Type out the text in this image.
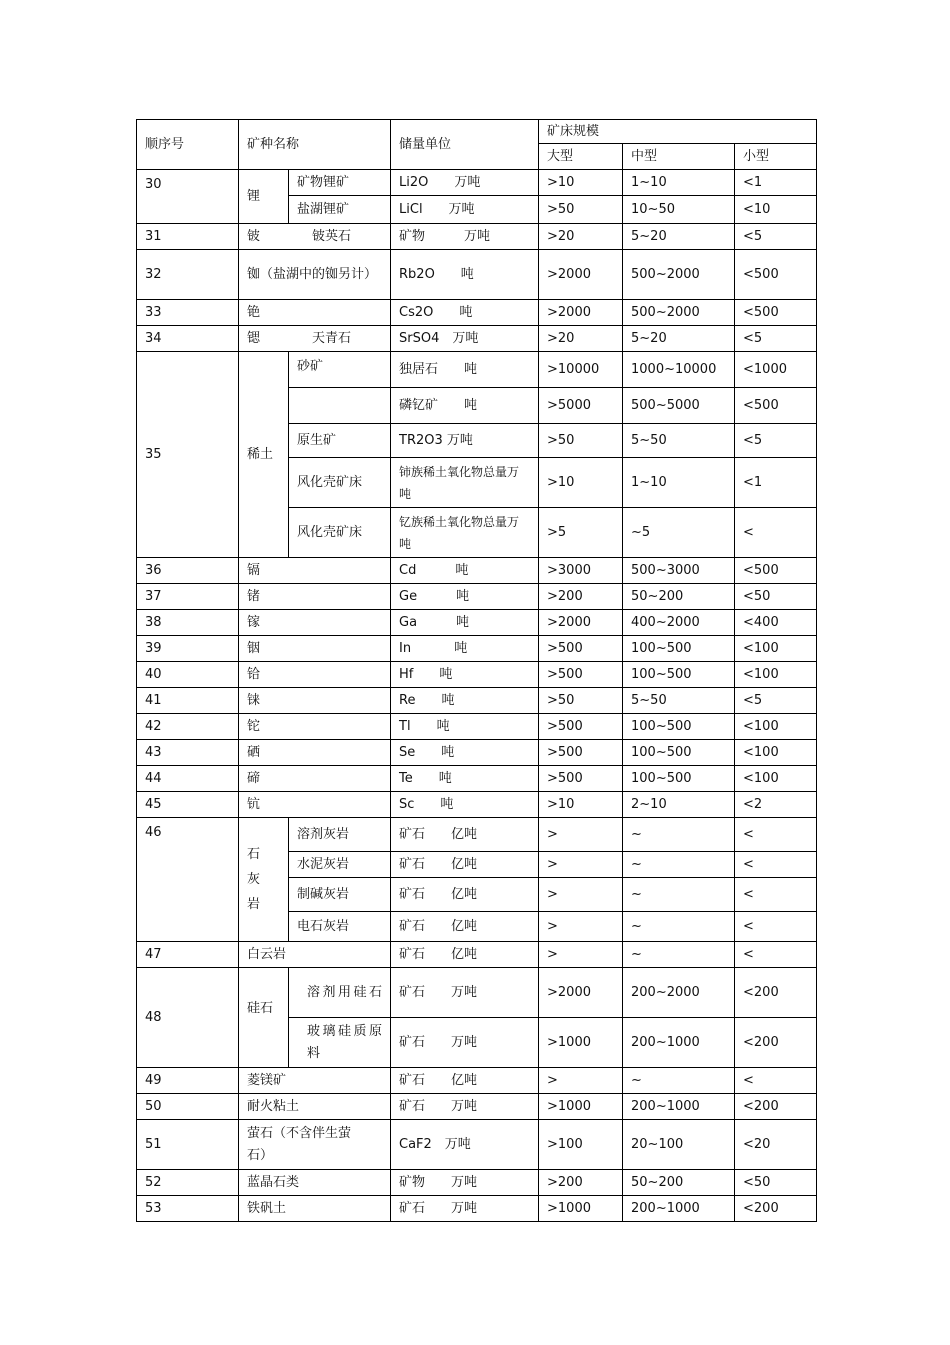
顺序号	矿种名称		储量单位	矿床规模		
				大型	中型	小型
30	锂	矿物锂矿	Li2O　　万吨	>10	1~10	<1
		盐湖锂矿	LiCl　　万吨	>50	10~50	<10
31	铍　　　　铍英石		矿物　　　万吨	>20	5~20	<5
32	铷（盐湖中的铷另计）		Rb2O　　吨	>2000	500~2000	<500
33	铯		Cs2O　　吨	>2000	500~2000	<500
34	锶　　　　天青石		SrSO4　万吨	>20	5~20	<5
35	稀土	砂矿	独居石　　吨	>10000	1000~10000	<1000
			磷钇矿　　吨	>5000	500~5000	<500
		原生矿	TR2O3 万吨	>50	5~50	<5
		风化壳矿床	铈族稀土氧化物总量万吨	>10	1~10	<1
		风化壳矿床	钇族稀土氧化物总量万吨	>5	~5	<
36	镉		Cd　　　吨	>3000	500~3000	<500
37	锗		Ge　　　吨	>200	50~200	<50
38	镓		Ga　　　吨	>2000	400~2000	<400
39	铟		In　　　 吨	>500	100~500	<100
40	铪		Hf　　吨	>500	100~500	<100
41	铼		Re　　吨	>50	5~50	<5
42	铊		Tl　　吨	>500	100~500	<100
43	硒		Se　　吨	>500	100~500	<100
44	碲		Te　　吨	>500	100~500	<100
45	钪		Sc　　吨	>10	2~10	<2
46	石灰岩	溶剂灰岩	矿石　　亿吨	>	~	<
		水泥灰岩	矿石　　亿吨	>	~	<
		制碱灰岩	矿石　　亿吨	>	~	<
		电石灰岩	矿石　　亿吨	>	~	<
47	白云岩		矿石　　亿吨	>	~	<
48	硅石	溶剂用硅石	矿石　　万吨	>2000	200~2000	<200
		玻璃硅质原料	矿石　　万吨	>1000	200~1000	<200
49	菱镁矿		矿石　　亿吨	>	~	<
50	耐火粘土		矿石　　万吨	>1000	200~1000	<200
51	萤石（不含伴生萤石）		CaF2　万吨	>100	20~100	<20
52	蓝晶石类		矿物　　万吨	>200	50~200	<50
53	铁矾土		矿石　　万吨	>1000	200~1000	<200
